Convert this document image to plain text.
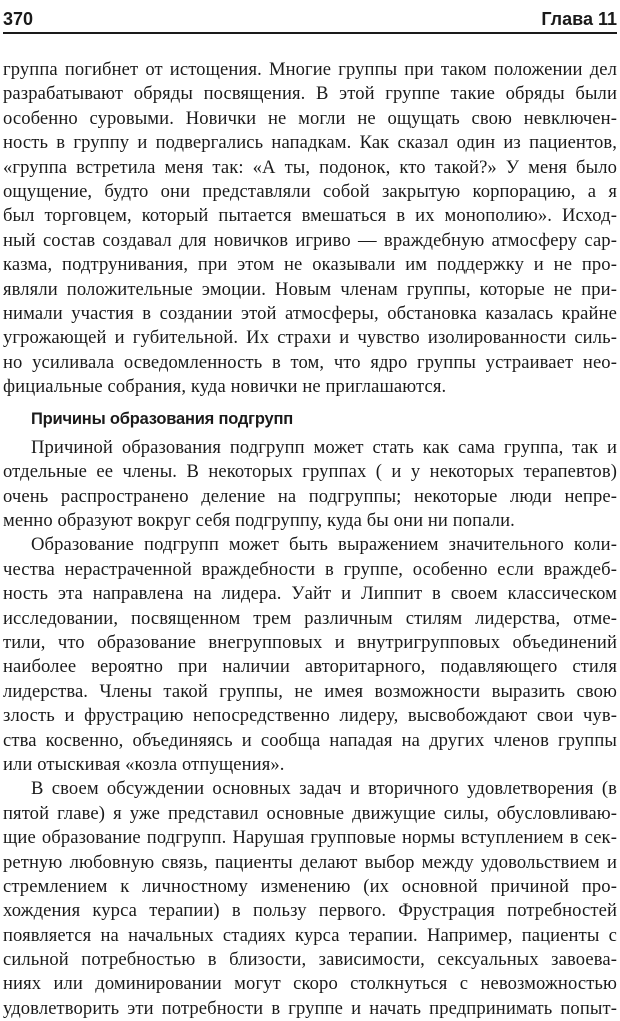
370	Глава 11
группа погибнет от истощения. Многие группы при таком положении дел
разрабатывают обряды посвящения. В этой группе такие обряды были
особенно суровыми. Новички не могли не ощущать свою невключен-
ность в группу и подвергались нападкам. Как сказал один из пациентов,
«группа встретила меня так: «А ты, подонок, кто такой?» У меня было
ощущение, будто они представляли собой закрытую корпорацию, а я
был торговцем, который пытается вмешаться в их монополию». Исход-
ный состав создавал для новичков игриво — враждебную атмосферу сар-
казма, подтрунивания, при этом не оказывали им поддержку и не про-
являли положительные эмоции. Новым членам группы, которые не при-
нимали участия в создании этой атмосферы, обстановка казалась крайне
угрожающей и губительной. Их страхи и чувство изолированности силь-
но усиливала осведомленность в том, что ядро группы устраивает нео-
фициальные собрания, куда новички не приглашаются.
Причины образования подгрупп
Причиной образования подгрупп может стать как сама группа, так и
отдельные ее члены. В некоторых группах ( и у некоторых терапевтов)
очень распространено деление на подгруппы; некоторые люди непре-
менно образуют вокруг себя подгруппу, куда бы они ни попали.
Образование подгрупп может быть выражением значительного коли-
чества нерастраченной враждебности в группе, особенно если враждеб-
ность эта направлена на лидера. Уайт и Липпит в своем классическом
исследовании, посвященном трем различным стилям лидерства, отме-
тили, что образование внегрупповых и внутригрупповых объединений
наиболее вероятно при наличии авторитарного, подавляющего стиля
лидерства. Члены такой группы, не имея возможности выразить свою
злость и фрустрацию непосредственно лидеру, высвобождают свои чув-
ства косвенно, объединяясь и сообща нападая на других членов группы
или отыскивая «козла отпущения».
В своем обсуждении основных задач и вторичного удовлетворения (в
пятой главе) я уже представил основные движущие силы, обусловливаю-
щие образование подгрупп. Нарушая групповые нормы вступлением в сек-
ретную любовную связь, пациенты делают выбор между удовольствием и
стремлением к личностному изменению (их основной причиной про-
хождения курса терапии) в пользу первого. Фрустрация потребностей
появляется на начальных стадиях курса терапии. Например, пациенты с
сильной потребностью в близости, зависимости, сексуальных завоева-
ниях или доминировании могут скоро столкнуться с невозможностью
удовлетворить эти потребности в группе и начать предпринимать попыт-
